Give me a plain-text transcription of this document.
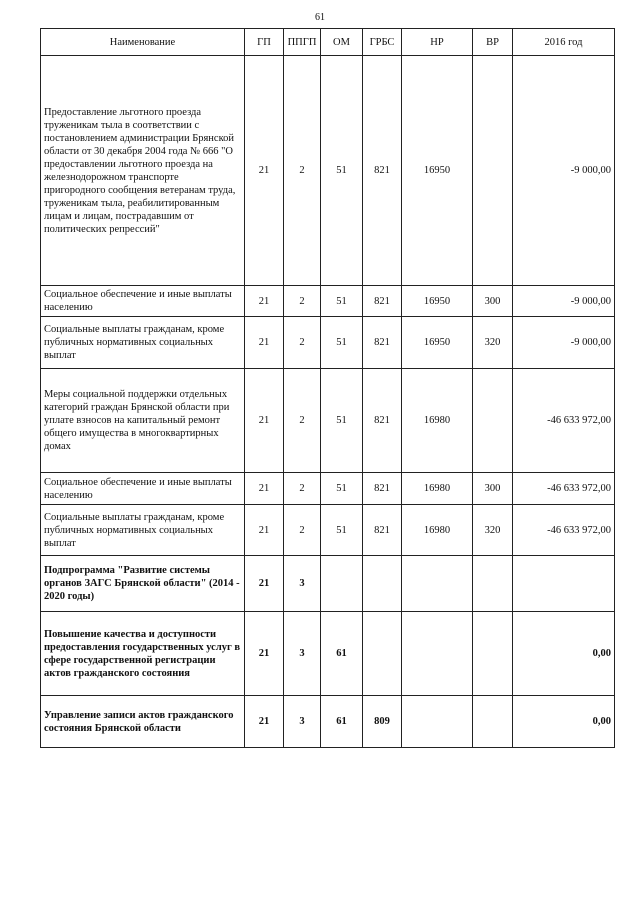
61
Наименование	ГП	ППГП	ОМ	ГРБС	НР	ВР	2016 год
Предоставление льготного проезда труженикам тыла в соответствии с постановлением администрации Брянской области от 30 декабря 2004 года № 666 "О предоставлении льготного проезда на железнодорожном транспорте пригородного сообщения ветеранам труда, труженикам тыла, реабилитированным лицам и лицам, пострадавшим от политических репрессий"	21	2	51	821	16950		-9 000,00
Социальное обеспечение и иные выплаты населению	21	2	51	821	16950	300	-9 000,00
Социальные выплаты гражданам, кроме публичных нормативных социальных выплат	21	2	51	821	16950	320	-9 000,00
Меры социальной поддержки отдельных категорий граждан Брянской области при уплате взносов на капитальный ремонт общего имущества в многоквартирных домах	21	2	51	821	16980		-46 633 972,00
Социальное обеспечение и иные выплаты населению	21	2	51	821	16980	300	-46 633 972,00
Социальные выплаты гражданам, кроме публичных нормативных социальных выплат	21	2	51	821	16980	320	-46 633 972,00
Подпрограмма "Развитие системы органов ЗАГС Брянской области" (2014 - 2020 годы)	21	3					
Повышение качества и доступности предоставления государственных услуг в сфере государственной регистрации актов гражданского состояния	21	3	61				0,00
Управление записи актов гражданского состояния Брянской области	21	3	61	809			0,00
